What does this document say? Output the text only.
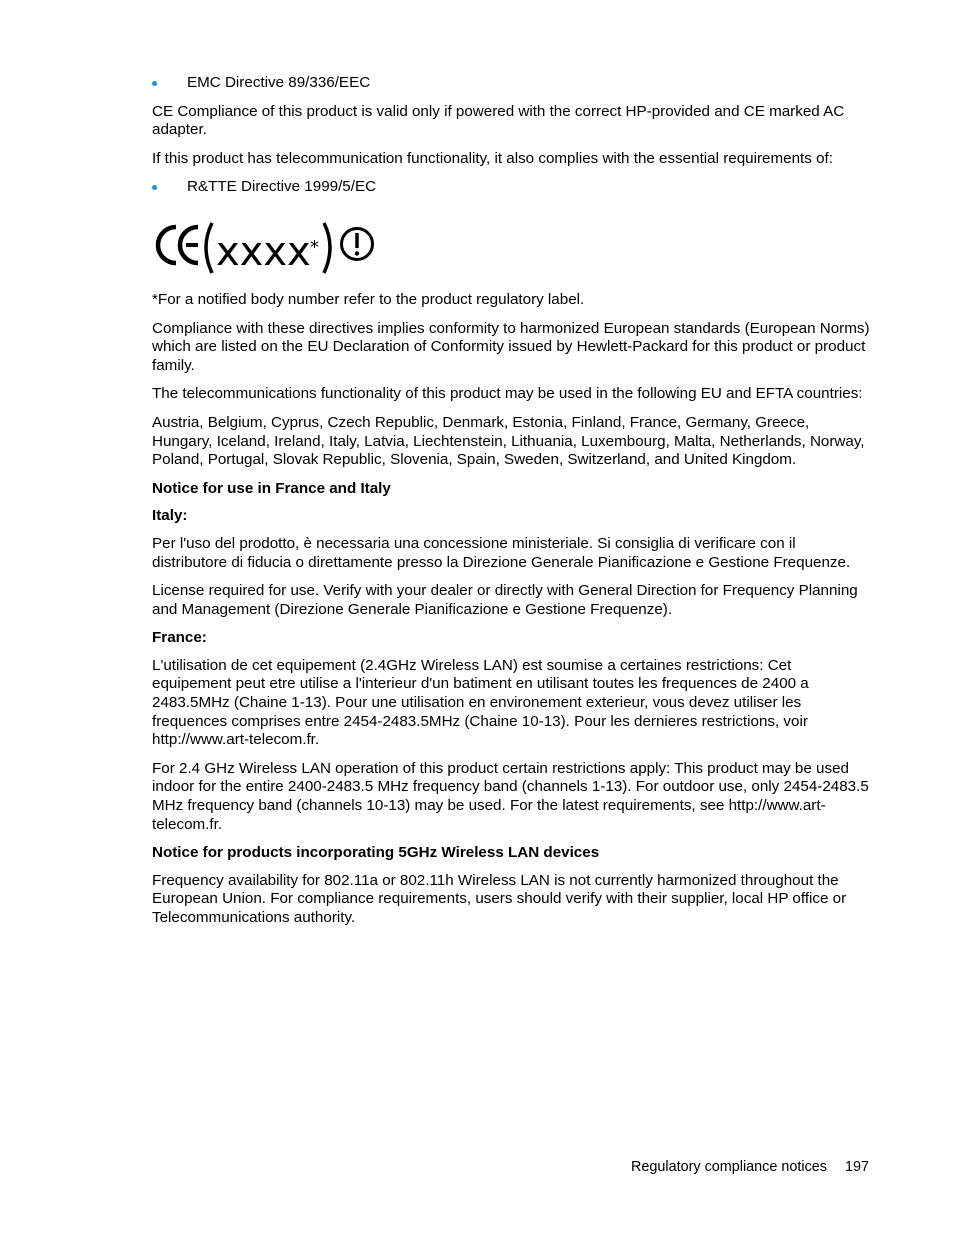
EMC Directive 89/336/EEC

CE Compliance of this product is valid only if powered with the correct HP-provided and CE marked AC adapter.

If this product has telecommunication functionality, it also complies with the essential requirements of:

R&TTE Directive 1999/5/EC
xxxx *

*For a notified body number refer to the product regulatory label.

Compliance with these directives implies conformity to harmonized European standards (European Norms) which are listed on the EU Declaration of Conformity issued by Hewlett-Packard for this product or product family.

The telecommunications functionality of this product may be used in the following EU and EFTA countries:

Austria, Belgium, Cyprus, Czech Republic, Denmark, Estonia, Finland, France, Germany, Greece, Hungary, Iceland, Ireland, Italy, Latvia, Liechtenstein, Lithuania, Luxembourg, Malta, Netherlands, Norway, Poland, Portugal, Slovak Republic, Slovenia, Spain, Sweden, Switzerland, and United Kingdom.

Notice for use in France and Italy
Italy:

Per l'uso del prodotto, è necessaria una concessione ministeriale. Si consiglia di verificare con il distributore di fiducia o direttamente presso la Direzione Generale Pianificazione e Gestione Frequenze.

License required for use. Verify with your dealer or directly with General Direction for Frequency Planning and Management (Direzione Generale Pianificazione e Gestione Frequenze).

France:

L'utilisation de cet equipement (2.4GHz Wireless LAN) est soumise a certaines restrictions: Cet equipement peut etre utilise a l'interieur d'un batiment en utilisant toutes les frequences de 2400 a 2483.5MHz (Chaine 1-13). Pour une utilisation en environement exterieur, vous devez utiliser les frequences comprises entre 2454-2483.5MHz (Chaine 10-13). Pour les dernieres restrictions, voir http://www.art-telecom.fr.

For 2.4 GHz Wireless LAN operation of this product certain restrictions apply: This product may be used indoor for the entire 2400-2483.5 MHz frequency band (channels 1-13). For outdoor use, only 2454-2483.5 MHz frequency band (channels 10-13) may be used. For the latest requirements, see http://www.art-telecom.fr.

Notice for products incorporating 5GHz Wireless LAN devices

Frequency availability for 802.11a or 802.11h Wireless LAN is not currently harmonized throughout the European Union. For compliance requirements, users should verify with their supplier, local HP office or Telecommunications authority.

Regulatory compliance notices 197
